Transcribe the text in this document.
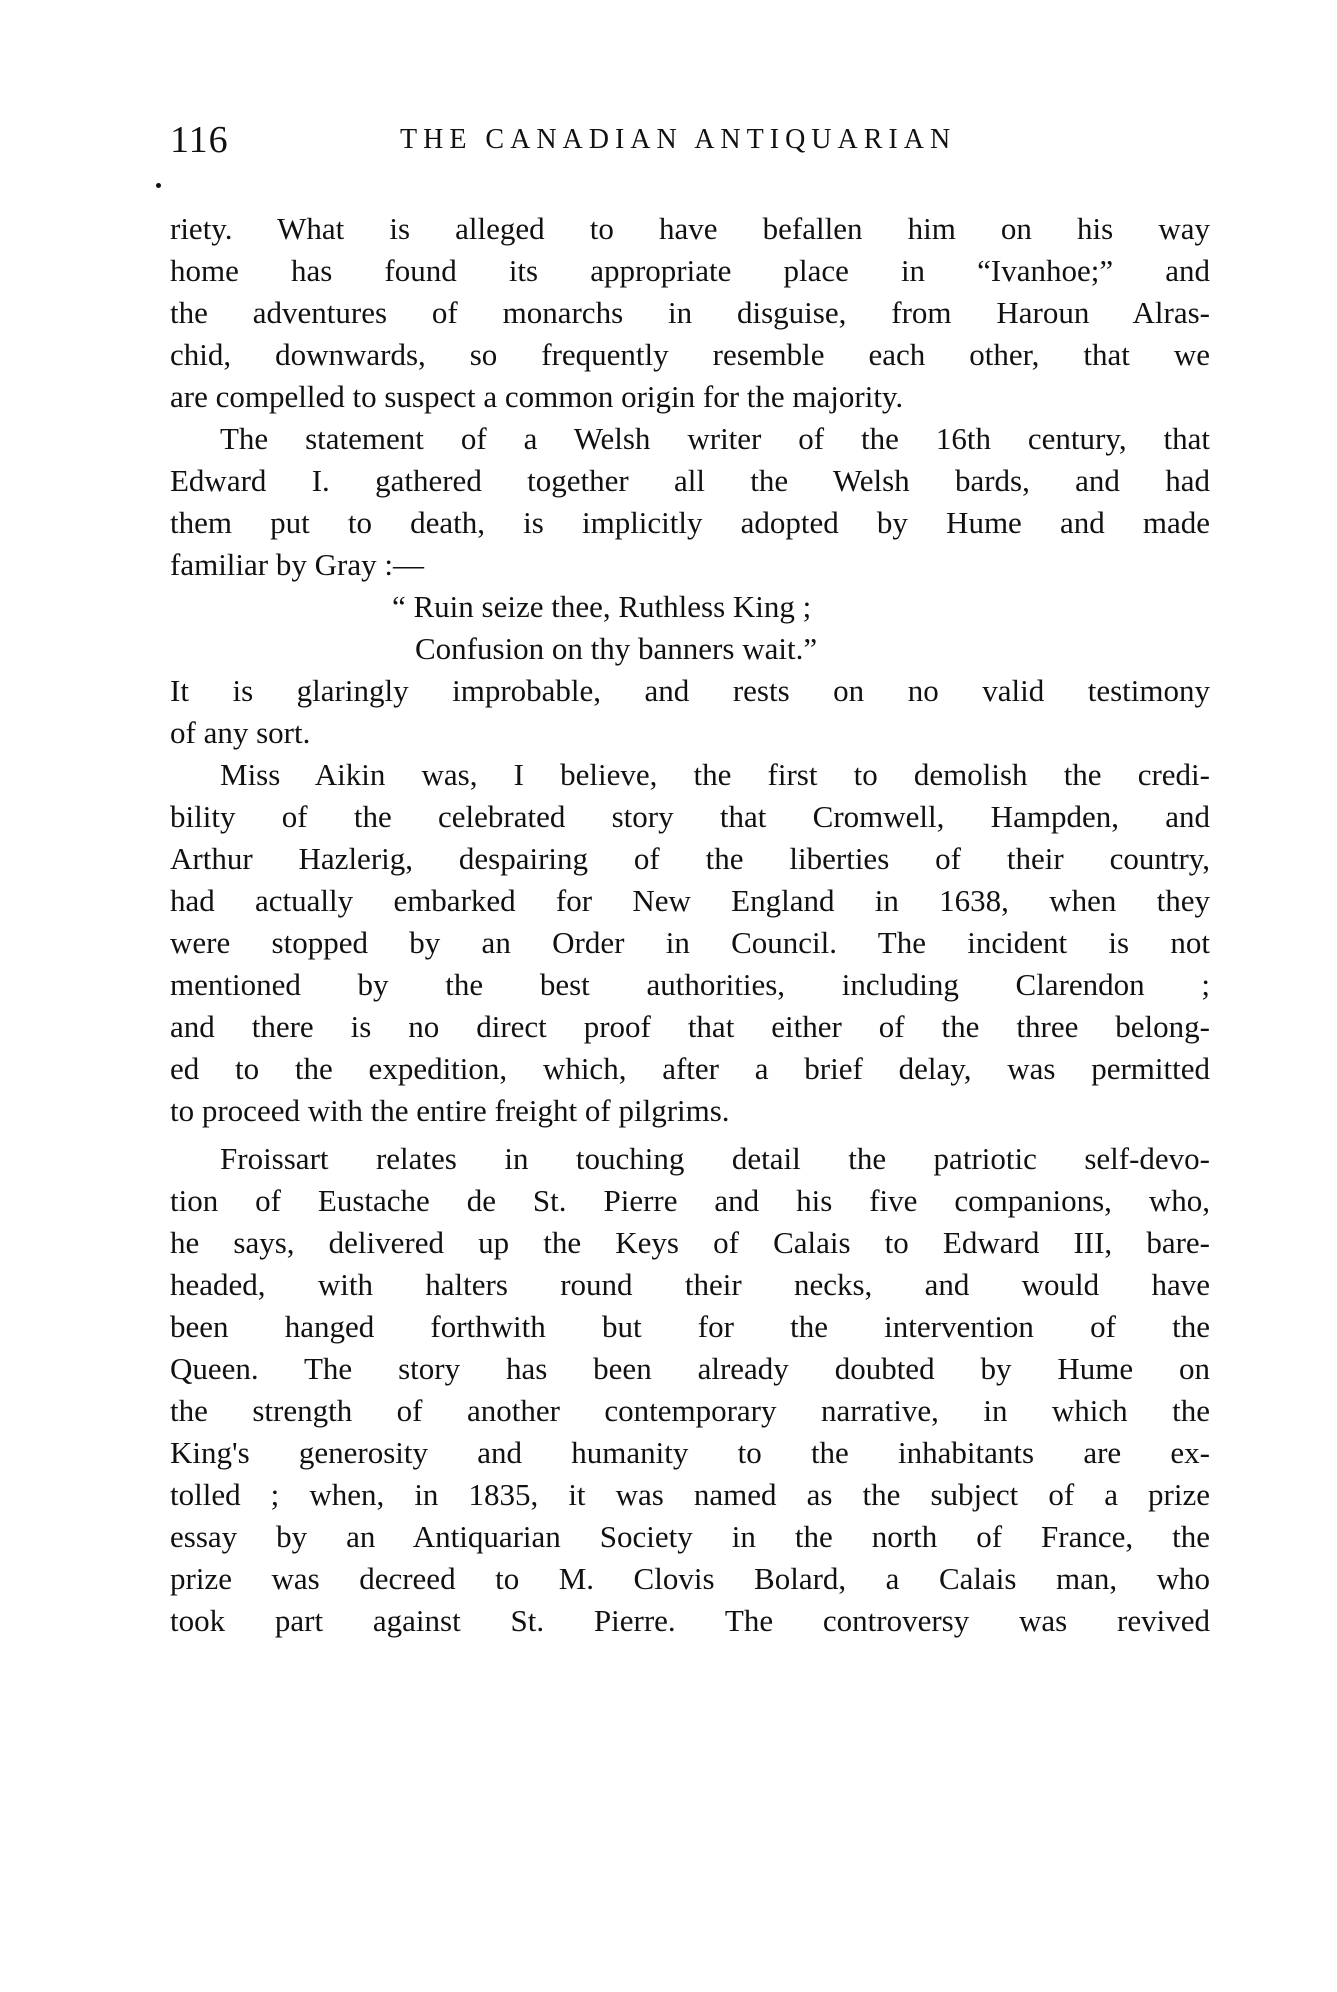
116	THE CANADIAN ANTIQUARIAN
riety. What is alleged to have befallen him on his way
home has found its appropriate place in “Ivanhoe;” and
the adventures of monarchs in disguise, from Haroun Alras-
chid, downwards, so frequently resemble each other, that we
are compelled to suspect a common origin for the majority.
The statement of a Welsh writer of the 16th century, that
Edward I. gathered together all the Welsh bards, and had
them put to death, is implicitly adopted by Hume and made
familiar by Gray :—
“ Ruin seize thee, Ruthless King ;
Confusion on thy banners wait.”
It is glaringly improbable, and rests on no valid testimony
of any sort.
Miss Aikin was, I believe, the first to demolish the credi-
bility of the celebrated story that Cromwell, Hampden, and
Arthur Hazlerig, despairing of the liberties of their country,
had actually embarked for New England in 1638, when they
were stopped by an Order in Council. The incident is not
mentioned by the best authorities, including Clarendon ;
and there is no direct proof that either of the three belong-
ed to the expedition, which, after a brief delay, was permitted
to proceed with the entire freight of pilgrims.
Froissart relates in touching detail the patriotic self-devo-
tion of Eustache de St. Pierre and his five companions, who,
he says, delivered up the Keys of Calais to Edward III, bare-
headed, with halters round their necks, and would have
been hanged forthwith but for the intervention of the
Queen. The story has been already doubted by Hume on
the strength of another contemporary narrative, in which the
King's generosity and humanity to the inhabitants are ex-
tolled ; when, in 1835, it was named as the subject of a prize
essay by an Antiquarian Society in the north of France, the
prize was decreed to M. Clovis Bolard, a Calais man, who
took part against St. Pierre. The controversy was revived
